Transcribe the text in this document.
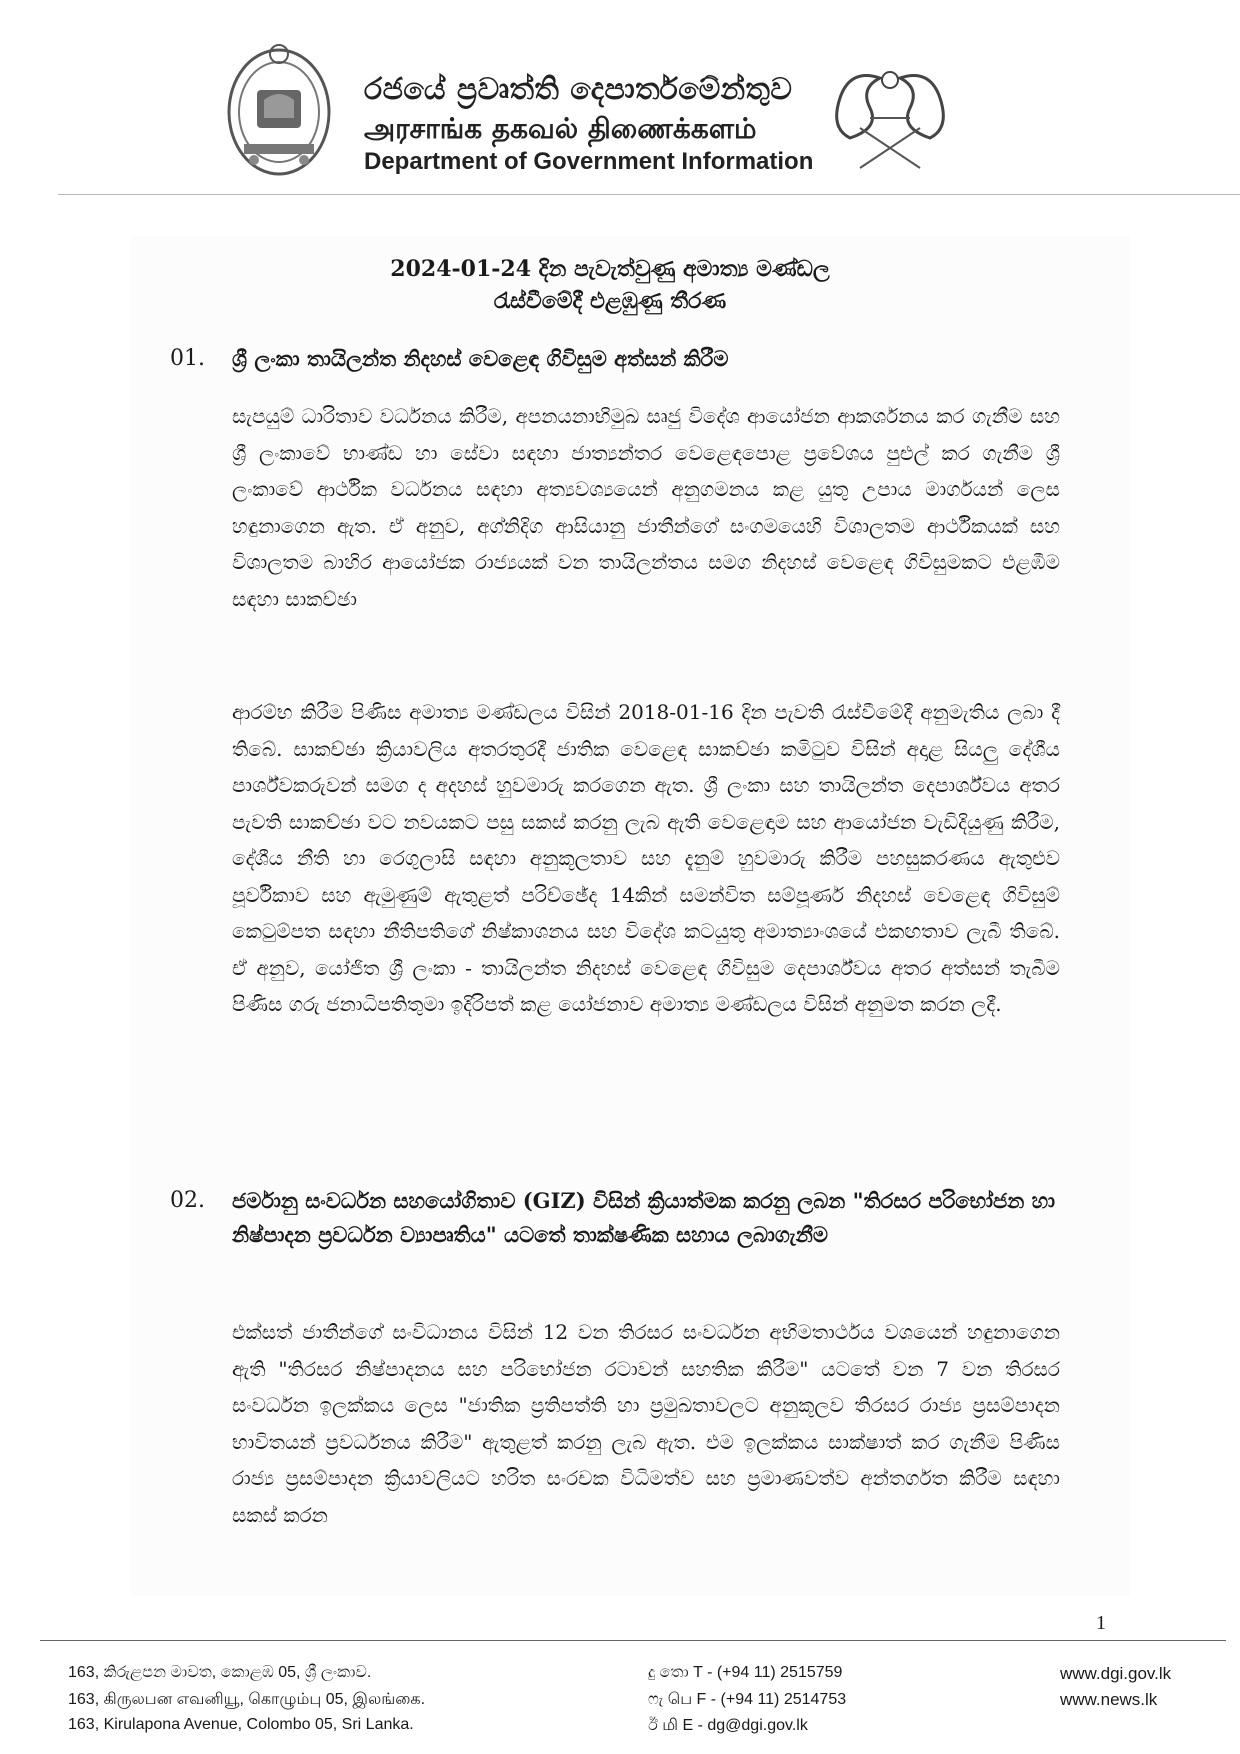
රජයේ ප්‍රවෘත්ති දෙපාර්තමේන්තුව
அரசாங்க தகவல் திணைக்களம்
Department of Government Information
2024-01-24 දින පැවැත්වුණු අමාත්‍ය මණ්ඩල
රැස්වීමේදී එළඹුණු තීරණ
01. ශ්‍රී ලංකා තායිලන්ත නිදහස් වෙළෙඳ ගිවිසුම අත්සන් කිරීම
සැපයුම් ධාරිතාව වර්ධනය කිරීම, අපනයනාභිමුඛ සෘජු විදේශ ආයෝජන ආකර්ශනය කර ගැනීම සහ ශ්‍රී ලංකාවේ භාණ්ඩ හා සේවා සඳහා ජාත්‍යන්තර වෙළෙඳපොළ ප්‍රවේශය පුළුල් කර ගැනීම ශ්‍රී ලංකාවේ ආර්ථික වර්ධනය සඳහා අත්‍යවශ්‍යයෙන් අනුගමනය කළ යුතු උපාය මාර්ගයන් ලෙස හඳුනාගෙන ඇත. ඒ අනුව, අග්නිදිග ආසියානු ජාතීන්ගේ සංගමයෙහි විශාලතම ආර්ථිකයක් සහ විශාලතම බාහිර ආයෝජක රාජ්‍යයක් වන තායිලන්තය සමග නිදහස් වෙළෙඳ ගිවිසුමකට එළඹීම සඳහා සාකච්ඡා
ආරම්භ කිරීම පිණිස අමාත්‍ය මණ්ඩලය විසින් 2018-01-16 දින පැවති රැස්වීමේදී අනුමැතිය ලබා දී තිබේ. සාකච්ඡා ක්‍රියාවලිය අතරතුරදී ජාතික වෙළෙඳ සාකච්ඡා කමිටුව විසින් අදාළ සියලු දේශීය පාර්ශ්වකරුවන් සමග ද අදහස් හුවමාරු කරගෙන ඇත. ශ්‍රී ලංකා සහ තායිලන්ත දෙපාර්ශ්වය අතර පැවති සාකච්ඡා වට නවයකට පසු සකස් කරනු ලැබ ඇති වෙළෙඳාම සහ ආයෝජන වැඩිදියුණු කිරීම, දේශීය නීති හා රෙගුලාසි සඳහා අනුකූලතාව සහ දැනුම් හුවමාරු කිරීම පහසුකරණය ඇතුළුව පූර්විකාව සහ ඇමුණුම් ඇතුළත් පරිච්ඡේද 14කින් සමන්විත සම්පූර්ණ නිදහස් වෙළෙඳ ගිවිසුම් කෙටුම්පත සඳහා නීතිපතිගේ නිෂ්කාශනය සහ විදේශ කටයුතු අමාත්‍යාංශයේ එකඟතාව ලැබී තිබේ. ඒ අනුව, යෝජිත ශ්‍රී ලංකා - තායිලන්ත නිදහස් වෙළෙඳ ගිවිසුම දෙපාර්ශ්වය අතර අත්සන් තැබීම පිණිස ගරු ජනාධිපතිතුමා ඉදිරිපත් කළ යෝජනාව අමාත්‍ය මණ්ඩලය විසින් අනුමත කරන ලදී.
02. ජර්මානු සංවර්ධන සහයෝගිතාව (GIZ) විසින් ක්‍රියාත්මක කරනු ලබන "තිරසර පරිභෝජන හා නිෂ්පාදන ප්‍රවර්ධන ව්‍යාපෘතිය" යටතේ තාක්ෂණික සහාය ලබාගැනීම
එක්සත් ජාතීන්ගේ සංවිධානය විසින් 12 වන තිරසර සංවර්ධන අභිමතාර්ථය වශයෙන් හඳුනාගෙන ඇති "තිරසර නිෂ්පාදනය සහ පරිභෝජන රටාවන් සහතික කිරීම" යටතේ වන 7 වන තිරසර සංවර්ධන ඉලක්කය ලෙස "ජාතික ප්‍රතිපත්ති හා ප්‍රමුඛතාවලට අනුකූලව තිරසර රාජ්‍ය ප්‍රසම්පාදන භාවිතයන් ප්‍රවර්ධනය කිරීම" ඇතුළත් කරනු ලැබ ඇත. එම ඉලක්කය සාක්ෂාත් කර ගැනීම පිණිස රාජ්‍ය ප්‍රසම්පාදන ක්‍රියාවලියට හරිත සංරචක විධිමත්ව සහ ප්‍රමාණවත්ව අන්තර්ගත කිරීම සඳහා සකස් කරන
1
163, කිරුළපන මාවත, කොළඹ 05, ශ්‍රී ලංකාව.
163, கிருலபன எவனியூ, கொழும்பு 05, இலங்கை.
163, Kirulapona Avenue, Colombo 05, Sri Lanka.
දු තො T - (+94 11) 2515759
ෆැ பெ F - (+94 11) 2514753
ඊ மி E - dg@dgi.gov.lk
www.dgi.gov.lk
www.news.lk
